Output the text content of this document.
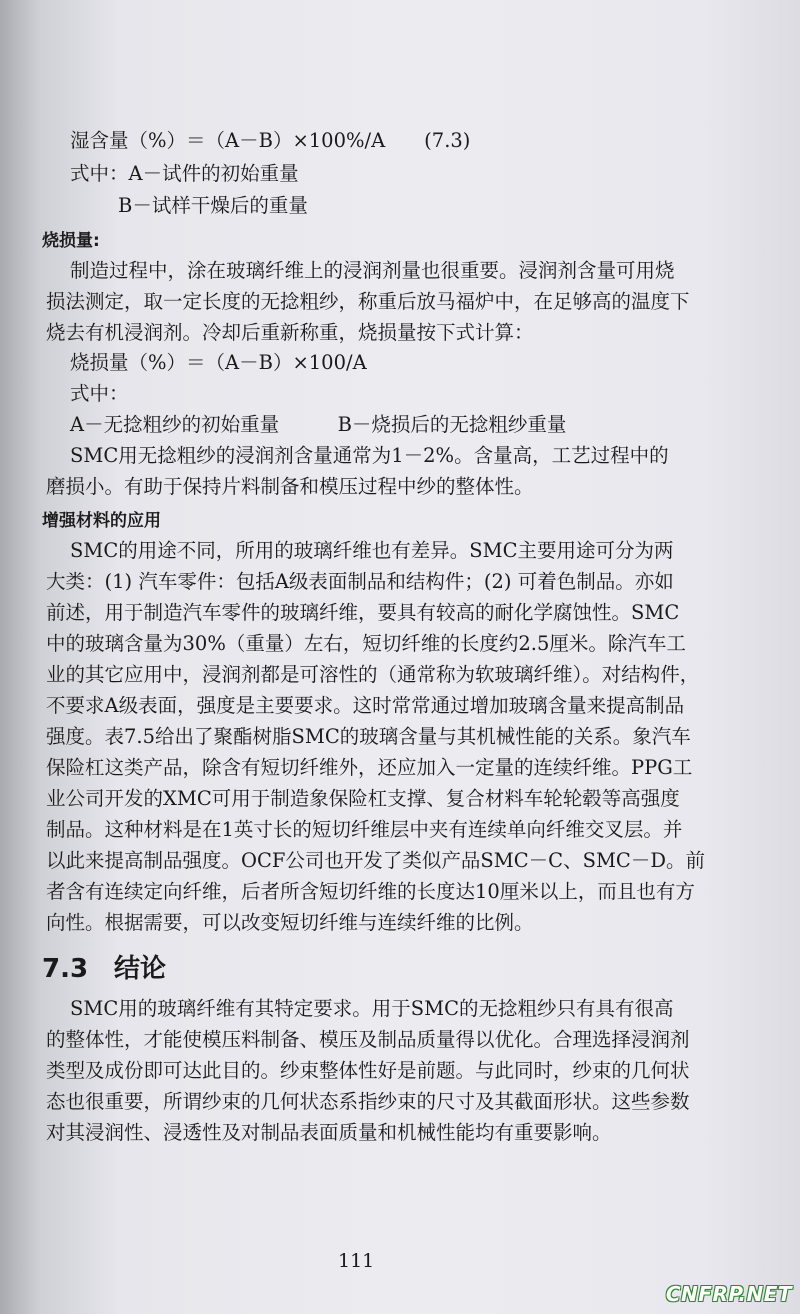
湿含量（%）＝（A－B）×100%/A　　(7.3)
式中：A－试件的初始重量
B－试样干燥后的重量
烧损量:
制造过程中，涂在玻璃纤维上的浸润剂量也很重要。浸润剂含量可用烧
损法测定，取一定长度的无捻粗纱，称重后放马福炉中，在足够高的温度下
烧去有机浸润剂。冷却后重新称重，烧损量按下式计算：
烧损量（%）＝（A－B）×100/A
式中：
A－无捻粗纱的初始重量　　　B－烧损后的无捻粗纱重量
SMC用无捻粗纱的浸润剂含量通常为1－2%。含量高，工艺过程中的
磨损小。有助于保持片料制备和模压过程中纱的整体性。
增强材料的应用
SMC的用途不同，所用的玻璃纤维也有差异。SMC主要用途可分为两
大类：(1) 汽车零件：包括A级表面制品和结构件；(2) 可着色制品。亦如
前述，用于制造汽车零件的玻璃纤维，要具有较高的耐化学腐蚀性。SMC
中的玻璃含量为30%（重量）左右，短切纤维的长度约2.5厘米。除汽车工
业的其它应用中，浸润剂都是可溶性的（通常称为软玻璃纤维）。对结构件，
不要求A级表面，强度是主要要求。这时常常通过增加玻璃含量来提高制品
强度。表7.5给出了聚酯树脂SMC的玻璃含量与其机械性能的关系。象汽车
保险杠这类产品，除含有短切纤维外，还应加入一定量的连续纤维。PPG工
业公司开发的XMC可用于制造象保险杠支撑、复合材料车轮轮毂等高强度
制品。这种材料是在1英寸长的短切纤维层中夹有连续单向纤维交叉层。并
以此来提高制品强度。OCF公司也开发了类似产品SMC－C、SMC－D。前
者含有连续定向纤维，后者所含短切纤维的长度达10厘米以上，而且也有方
向性。根据需要，可以改变短切纤维与连续纤维的比例。
7.3　结论
SMC用的玻璃纤维有其特定要求。用于SMC的无捻粗纱只有具有很高
的整体性，才能使模压料制备、模压及制品质量得以优化。合理选择浸润剂
类型及成份即可达此目的。纱束整体性好是前题。与此同时，纱束的几何状
态也很重要，所谓纱束的几何状态系指纱束的尺寸及其截面形状。这些参数
对其浸润性、浸透性及对制品表面质量和机械性能均有重要影响。
111
CNFRP.NET
